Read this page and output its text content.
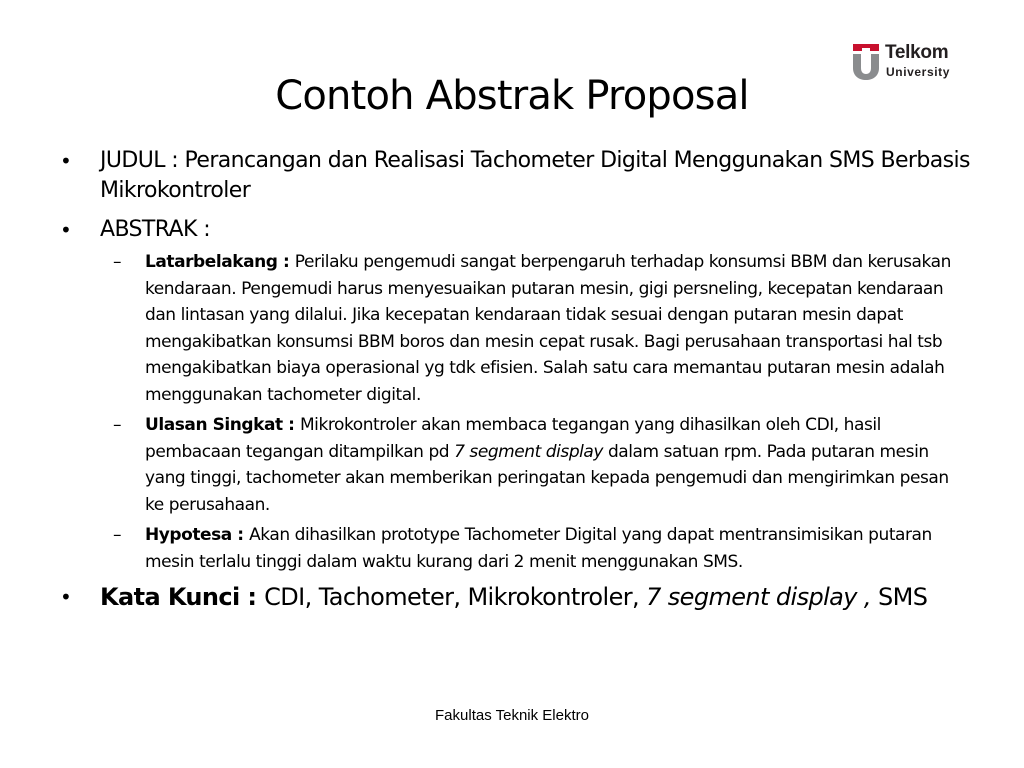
Telkom
University
Contoh Abstrak Proposal
• JUDUL : Perancangan dan Realisasi Tachometer Digital Menggunakan SMS Berbasis Mikrokontroler
• ABSTRAK :
– Latarbelakang : Perilaku pengemudi sangat berpengaruh terhadap konsumsi BBM dan kerusakan kendaraan. Pengemudi harus menyesuaikan putaran mesin, gigi persneling, kecepatan kendaraan dan lintasan yang dilalui. Jika kecepatan kendaraan tidak sesuai dengan putaran mesin dapat mengakibatkan konsumsi BBM boros dan mesin cepat rusak. Bagi perusahaan transportasi hal tsb mengakibatkan biaya operasional yg tdk efisien. Salah satu cara memantau putaran mesin adalah menggunakan tachometer digital.
– Ulasan Singkat : Mikrokontroler akan membaca tegangan yang dihasilkan oleh CDI, hasil pembacaan tegangan ditampilkan pd 7 segment display dalam satuan rpm. Pada putaran mesin yang tinggi, tachometer akan memberikan peringatan kepada pengemudi dan mengirimkan pesan ke perusahaan.
– Hypotesa : Akan dihasilkan prototype Tachometer Digital yang dapat mentransimisikan putaran mesin terlalu tinggi dalam waktu kurang dari 2 menit menggunakan SMS.
• Kata Kunci : CDI, Tachometer, Mikrokontroler, 7 segment display , SMS
Fakultas Teknik Elektro
